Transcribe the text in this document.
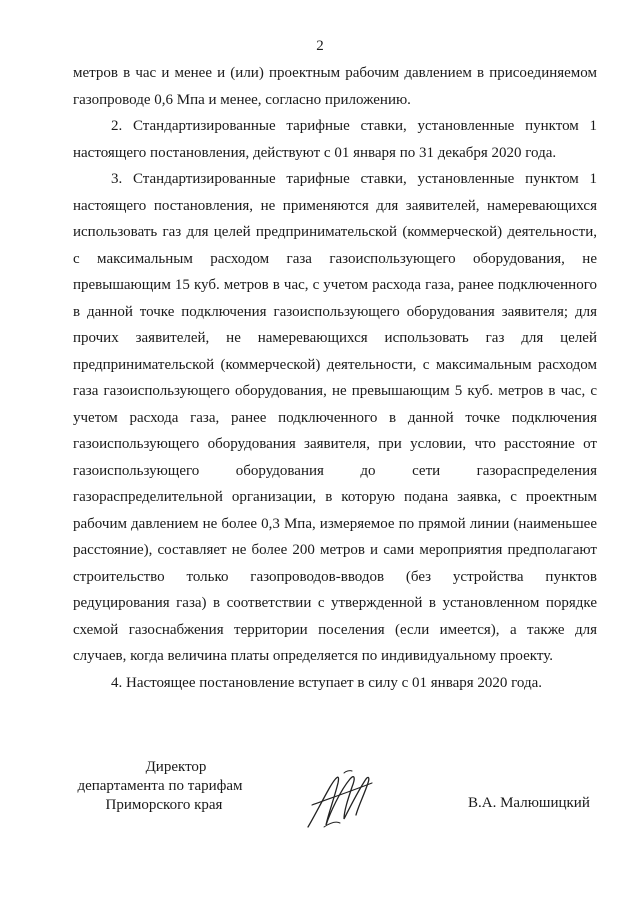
2

метров в час и менее и (или) проектным рабочим давлением в присоединяемом газопроводе 0,6 Мпа и менее, согласно приложению.

2. Стандартизированные тарифные ставки, установленные пунктом 1 настоящего постановления, действуют с 01 января по 31 декабря 2020 года.

3. Стандартизированные тарифные ставки, установленные пунктом 1 настоящего постановления, не применяются для заявителей, намеревающихся использовать газ для целей предпринимательской (коммерческой) деятельности, с максимальным расходом газа газоиспользующего оборудования, не превышающим 15 куб. метров в час, с учетом расхода газа, ранее подключенного в данной точке подключения газоиспользующего оборудования заявителя; для прочих заявителей, не намеревающихся использовать газ для целей предпринимательской (коммерческой) деятельности, с максимальным расходом газа газоиспользующего оборудования, не превышающим 5 куб. метров в час, с учетом расхода газа, ранее подключенного в данной точке подключения газоиспользующего оборудования заявителя, при условии, что расстояние от газоиспользующего оборудования до сети газораспределения газораспределительной организации, в которую подана заявка, с проектным рабочим давлением не более 0,3 Мпа, измеряемое по прямой линии (наименьшее расстояние), составляет не более 200 метров и сами мероприятия предполагают строительство только газопроводов-вводов (без устройства пунктов редуцирования газа) в соответствии с утвержденной в установленном порядке схемой газоснабжения территории поселения (если имеется), а также для случаев, когда величина платы определяется по индивидуальному проекту.

4. Настоящее постановление вступает в силу с 01 января 2020 года.

Директор
департамента по тарифам
Приморского края	В.А. Малюшицкий
